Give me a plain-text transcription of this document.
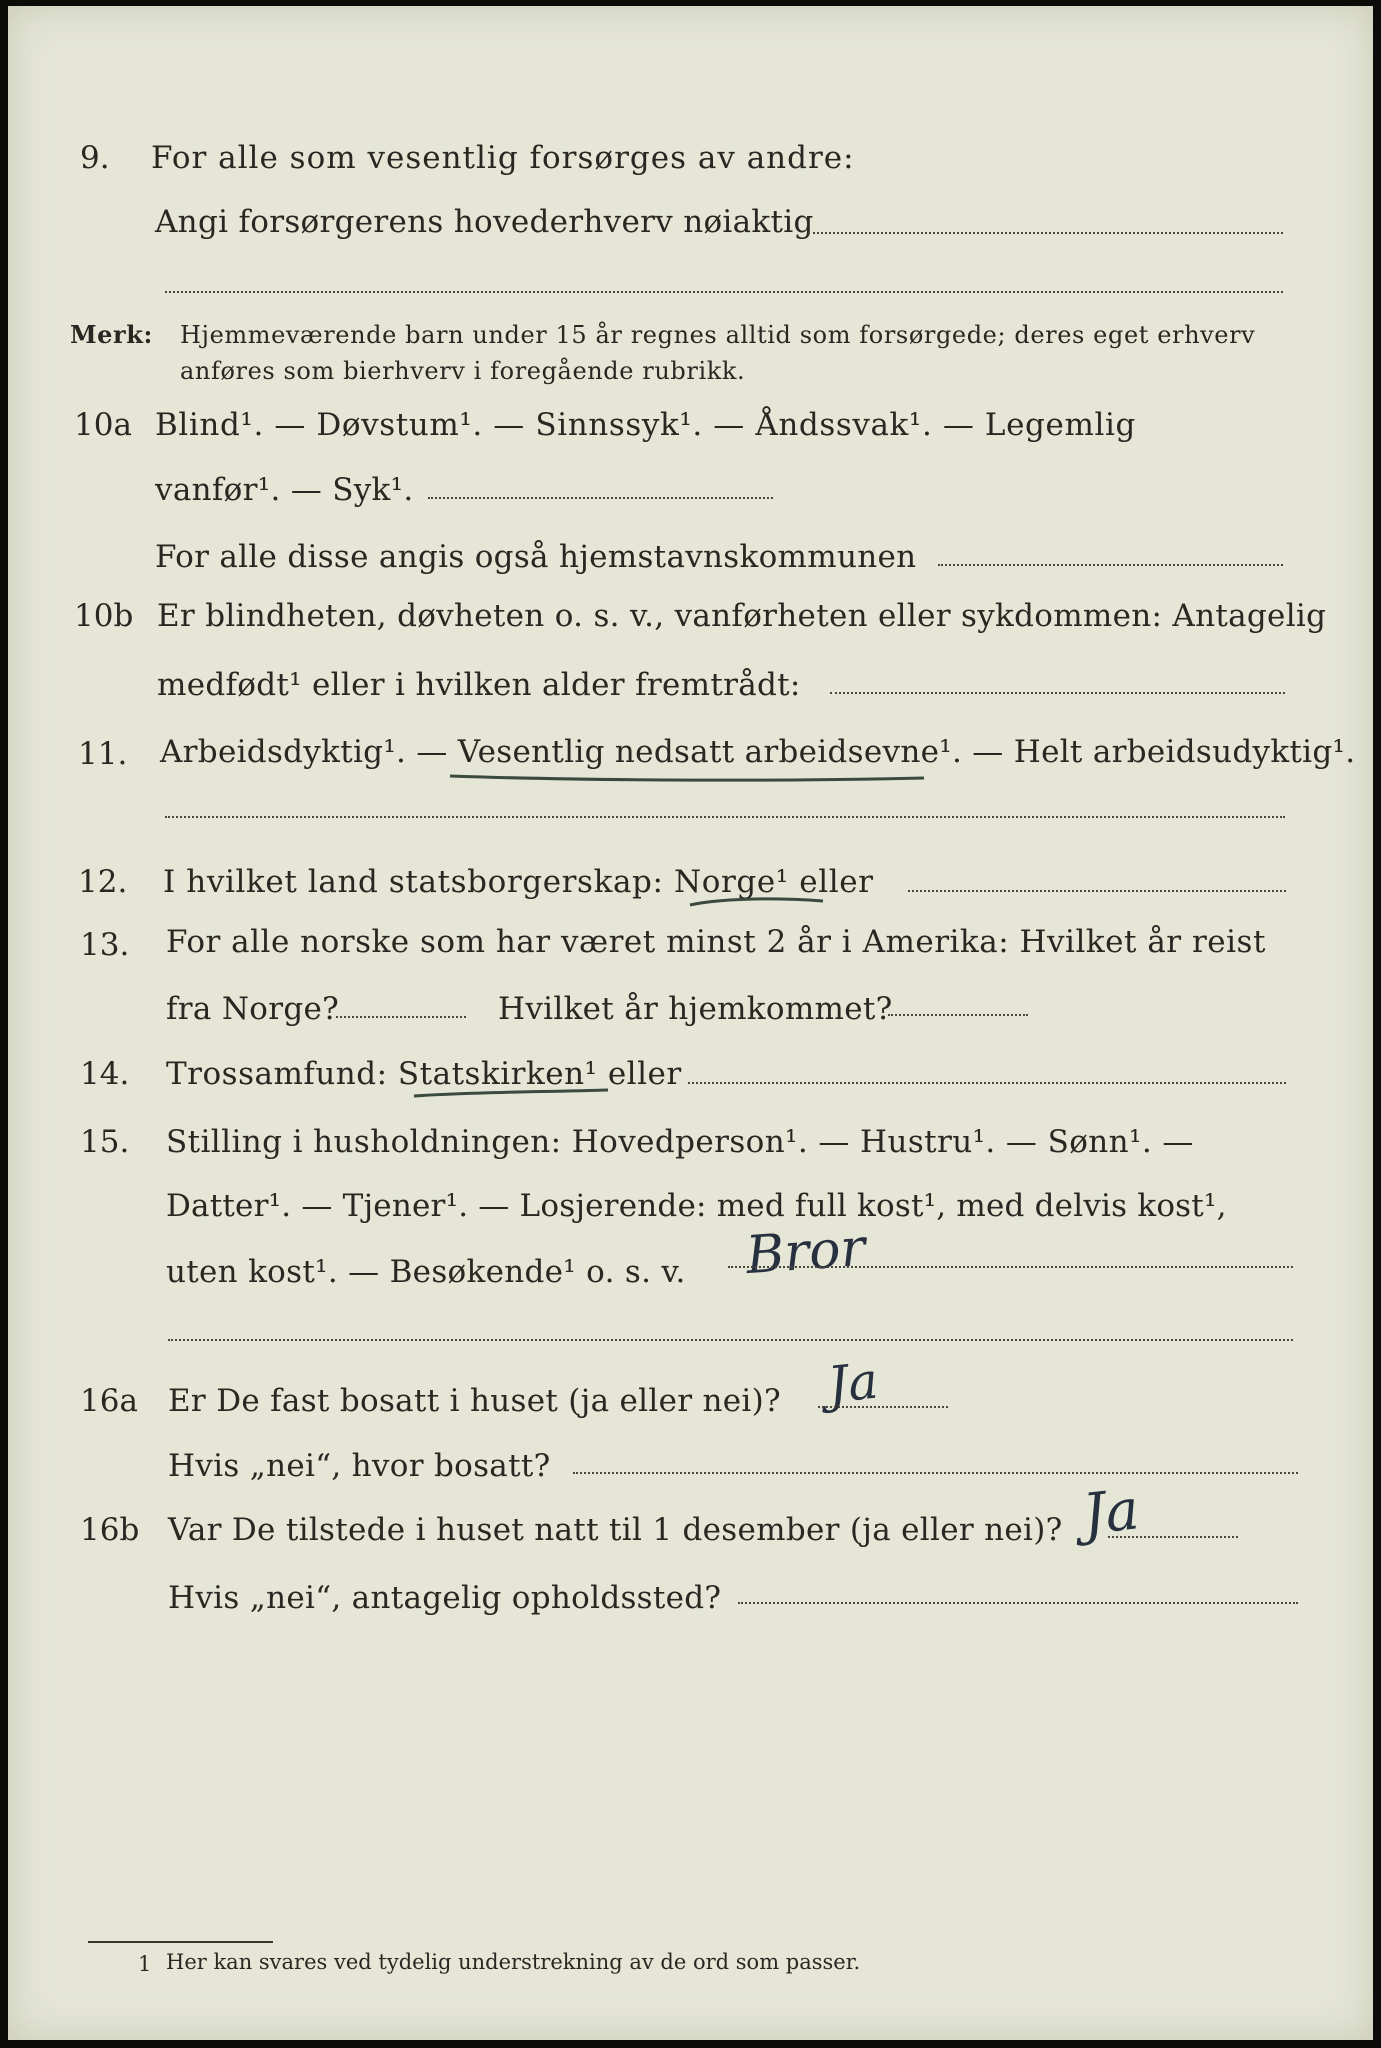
9. For alle som vesentlig forsørges av andre:
Angi forsørgerens hovederhverv nøiaktig
Merk: Hjemmeværende barn under 15 år regnes alltid som forsørgede; deres eget erhverv
anføres som bierhverv i foregående rubrikk.
10a Blind¹. — Døvstum¹. — Sinnssyk¹. — Åndssvak¹. — Legemlig
vanfør¹. — Syk¹.
For alle disse angis også hjemstavnskommunen
10b Er blindheten, døvheten o. s. v., vanførheten eller sykdommen: Antagelig
medfødt¹ eller i hvilken alder fremtrådt:
11. Arbeidsdyktig¹. — Vesentlig nedsatt arbeidsevne¹. — Helt arbeidsudyktig¹.
12. I hvilket land statsborgerskap: Norge¹ eller
13. For alle norske som har været minst 2 år i Amerika: Hvilket år reist
fra Norge?	Hvilket år hjemkommet?
14. Trossamfund: Statskirken¹ eller
15. Stilling i husholdningen: Hovedperson¹. — Hustru¹. — Sønn¹. —
Datter¹. — Tjener¹. — Losjerende: med full kost¹, med delvis kost¹,
uten kost¹. — Besøkende¹ o. s. v. Bror
16a Er De fast bosatt i huset (ja eller nei)? Ja
Hvis „nei“, hvor bosatt?
16b Var De tilstede i huset natt til 1 desember (ja eller nei)? Ja
Hvis „nei“, antagelig opholdssted?
1 Her kan svares ved tydelig understrekning av de ord som passer.
